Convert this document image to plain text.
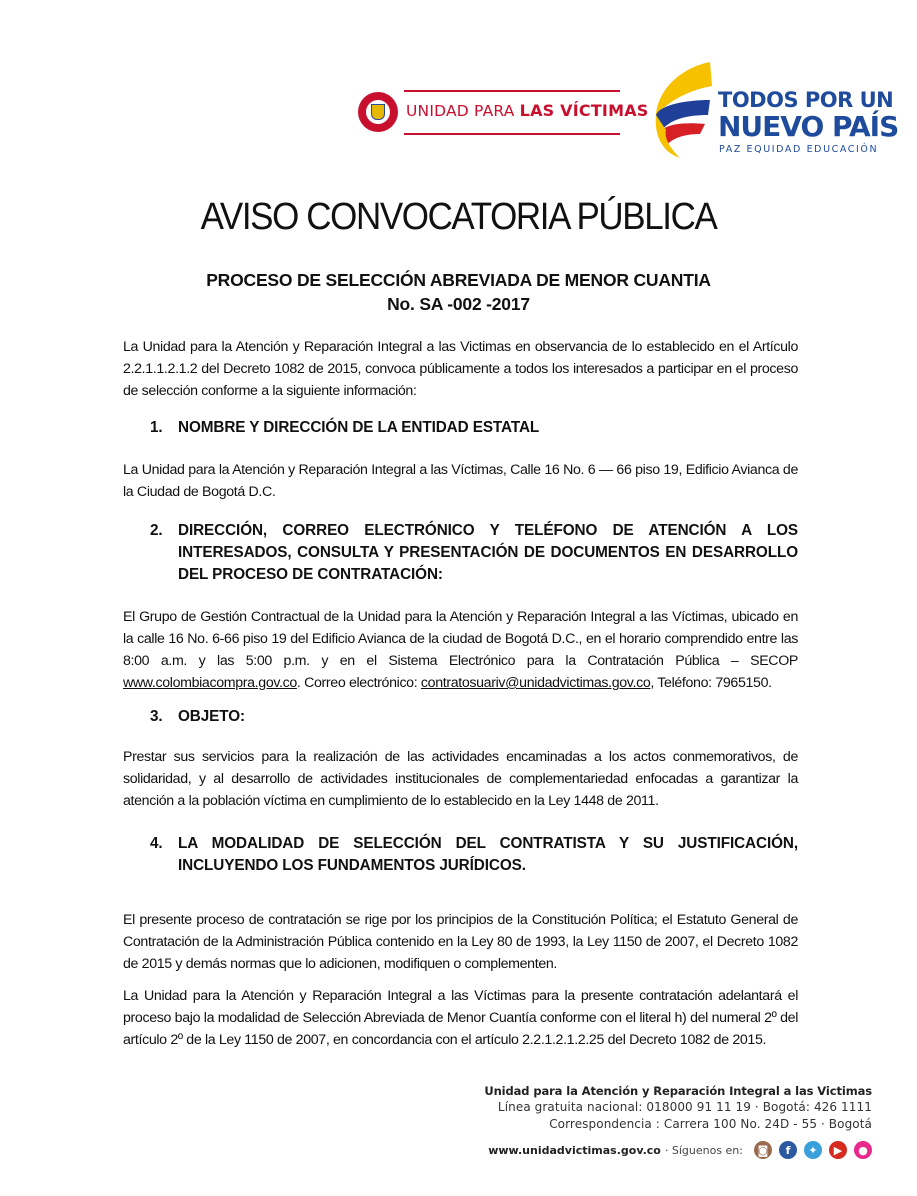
UNIDAD PARA LAS VÍCTIMAS	TODOS POR UN
NUEVO PAÍS
PAZ EQUIDAD EDUCACIÓN
AVISO CONVOCATORIA PÚBLICA
PROCESO DE SELECCIÓN ABREVIADA DE MENOR CUANTIA
No. SA -002 -2017
La Unidad para la Atención y Reparación Integral a las Victimas en observancia de lo establecido en el Artículo 2.2.1.1.2.1.2 del Decreto 1082 de 2015, convoca públicamente a todos los interesados a participar en el proceso de selección conforme a la siguiente información:
1. NOMBRE Y DIRECCIÓN DE LA ENTIDAD ESTATAL
La Unidad para la Atención y Reparación Integral a las Víctimas, Calle 16 No. 6 — 66 piso 19, Edificio Avianca de la Ciudad de Bogotá D.C.
2. DIRECCIÓN, CORREO ELECTRÓNICO Y TELÉFONO DE ATENCIÓN A LOS INTERESADOS, CONSULTA Y PRESENTACIÓN DE DOCUMENTOS EN DESARROLLO DEL PROCESO DE CONTRATACIÓN:
El Grupo de Gestión Contractual de la Unidad para la Atención y Reparación Integral a las Víctimas, ubicado en la calle 16 No. 6-66 piso 19 del Edificio Avianca de la ciudad de Bogotá D.C., en el horario comprendido entre las 8:00 a.m. y las 5:00 p.m. y en el Sistema Electrónico para la Contratación Pública – SECOP www.colombiacompra.gov.co. Correo electrónico: contratosuariv@unidadvictimas.gov.co, Teléfono: 7965150.
3. OBJETO:
Prestar sus servicios para la realización de las actividades encaminadas a los actos conmemorativos, de solidaridad, y al desarrollo de actividades institucionales de complementariedad enfocadas a garantizar la atención a la población víctima en cumplimiento de lo establecido en la Ley 1448 de 2011.
4. LA MODALIDAD DE SELECCIÓN DEL CONTRATISTA Y SU JUSTIFICACIÓN, INCLUYENDO LOS FUNDAMENTOS JURÍDICOS.
El presente proceso de contratación se rige por los principios de la Constitución Política; el Estatuto General de Contratación de la Administración Pública contenido en la Ley 80 de 1993, la Ley 1150 de 2007, el Decreto 1082 de 2015 y demás normas que lo adicionen, modifiquen o complementen.
La Unidad para la Atención y Reparación Integral a las Víctimas para la presente contratación adelantará el proceso bajo la modalidad de Selección Abreviada de Menor Cuantía conforme con el literal h) del numeral 2º del artículo 2º de la Ley 1150 de 2007, en concordancia con el artículo 2.2.1.2.1.2.25 del Decreto 1082 de 2015.
Unidad para la Atención y Reparación Integral a las Victimas
Línea gratuita nacional: 018000 91 11 19 · Bogotá: 426 1111
Correspondencia : Carrera 100 No. 24D - 55 · Bogotá
www.unidadvictimas.gov.co · Síguenos en:	◙	f	✦	▶	●
